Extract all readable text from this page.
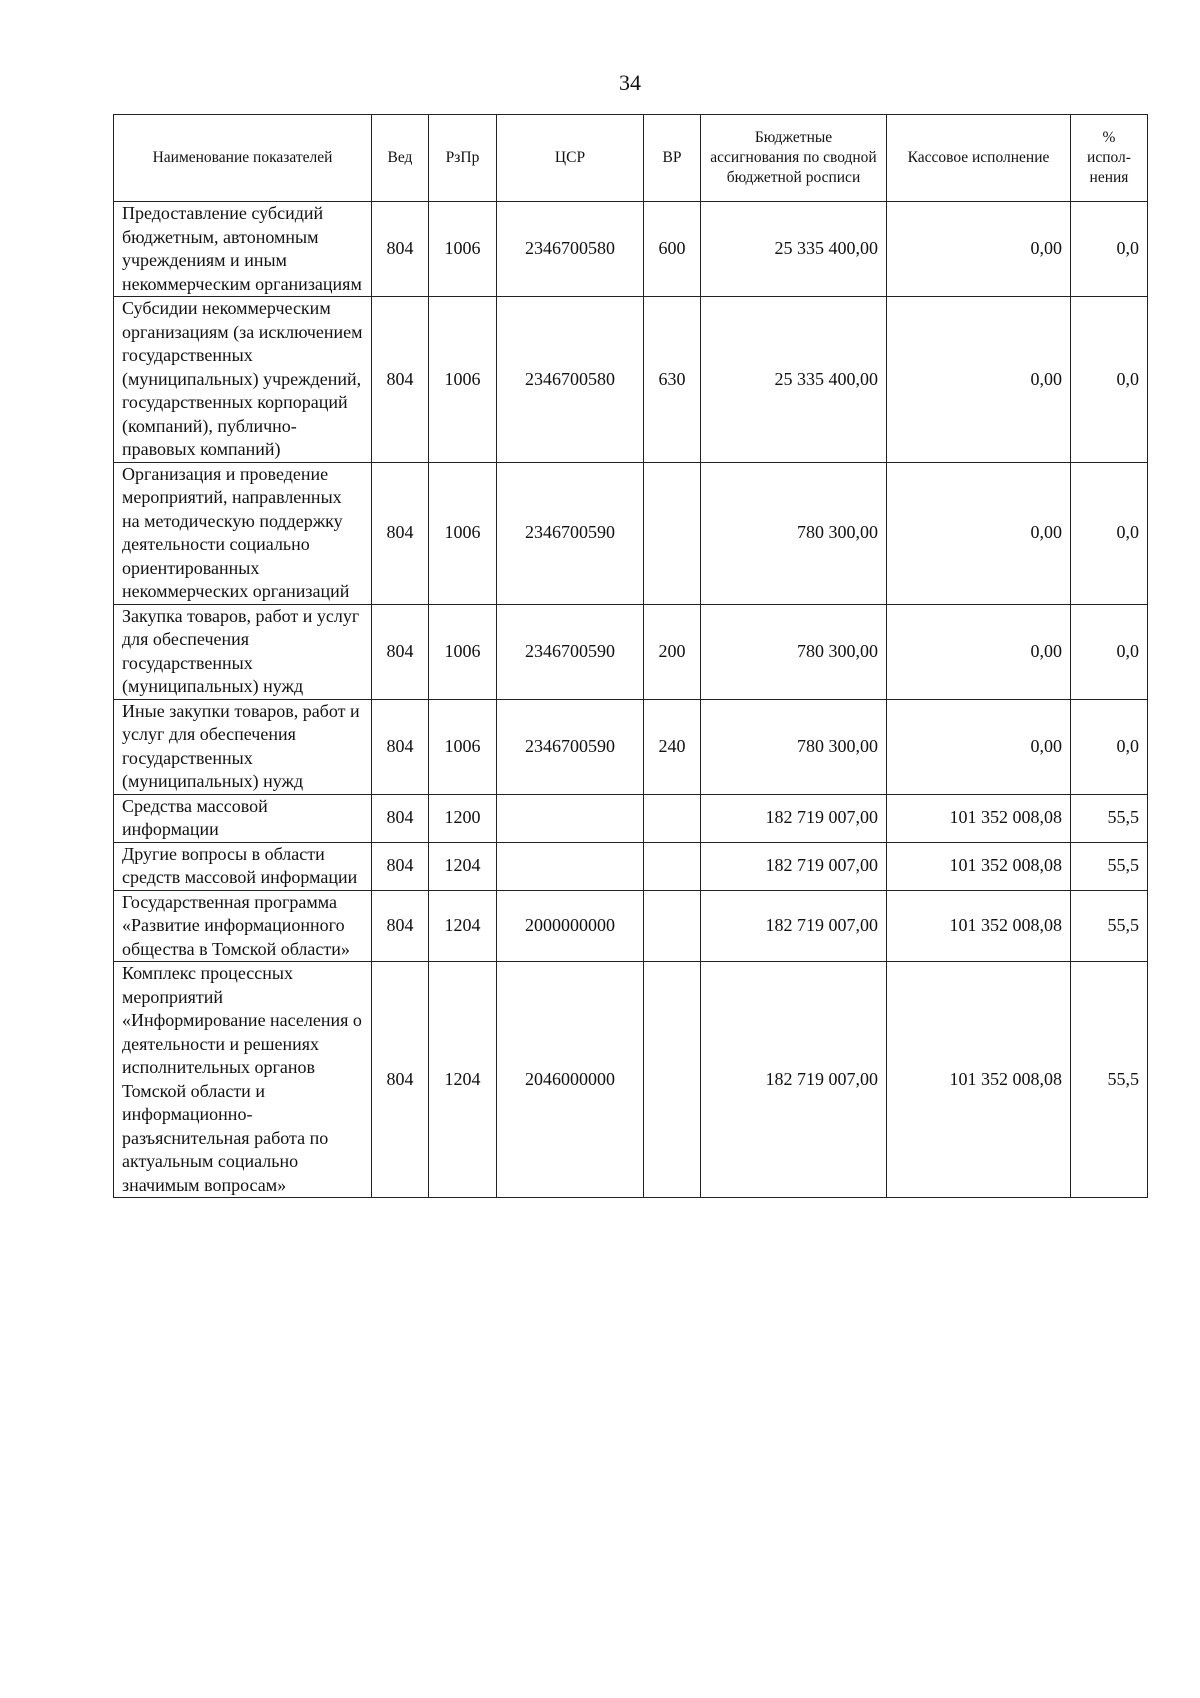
34
Наименование показателей	Вед	РзПр	ЦСР	ВР	Бюджетные ассигнования по сводной бюджетной росписи	Кассовое исполнение	%
испол-
нения

Предоставление субсидий бюджетным, автономным учреждениям и иным некоммерческим организациям	804	1006	2346700580	600	25 335 400,00	0,00	0,0
Субсидии некоммерческим организациям (за исключением государственных (муниципальных) учреждений, государственных корпораций (компаний), публично-правовых компаний)	804	1006	2346700580	630	25 335 400,00	0,00	0,0
Организация и проведение мероприятий, направленных на методическую поддержку деятельности социально ориентированных некоммерческих организаций	804	1006	2346700590		780 300,00	0,00	0,0
Закупка товаров, работ и услуг для обеспечения государственных (муниципальных) нужд	804	1006	2346700590	200	780 300,00	0,00	0,0
Иные закупки товаров, работ и услуг для обеспечения государственных (муниципальных) нужд	804	1006	2346700590	240	780 300,00	0,00	0,0
Средства массовой информации	804	1200			182 719 007,00	101 352 008,08	55,5
Другие вопросы в области средств массовой информации	804	1204			182 719 007,00	101 352 008,08	55,5
Государственная программа «Развитие информационного общества в Томской области»	804	1204	2000000000		182 719 007,00	101 352 008,08	55,5
Комплекс процессных мероприятий «Информирование населения о деятельности и решениях исполнительных органов Томской области и информационно-разъяснительная работа по актуальным социально значимым вопросам»	804	1204	2046000000		182 719 007,00	101 352 008,08	55,5
